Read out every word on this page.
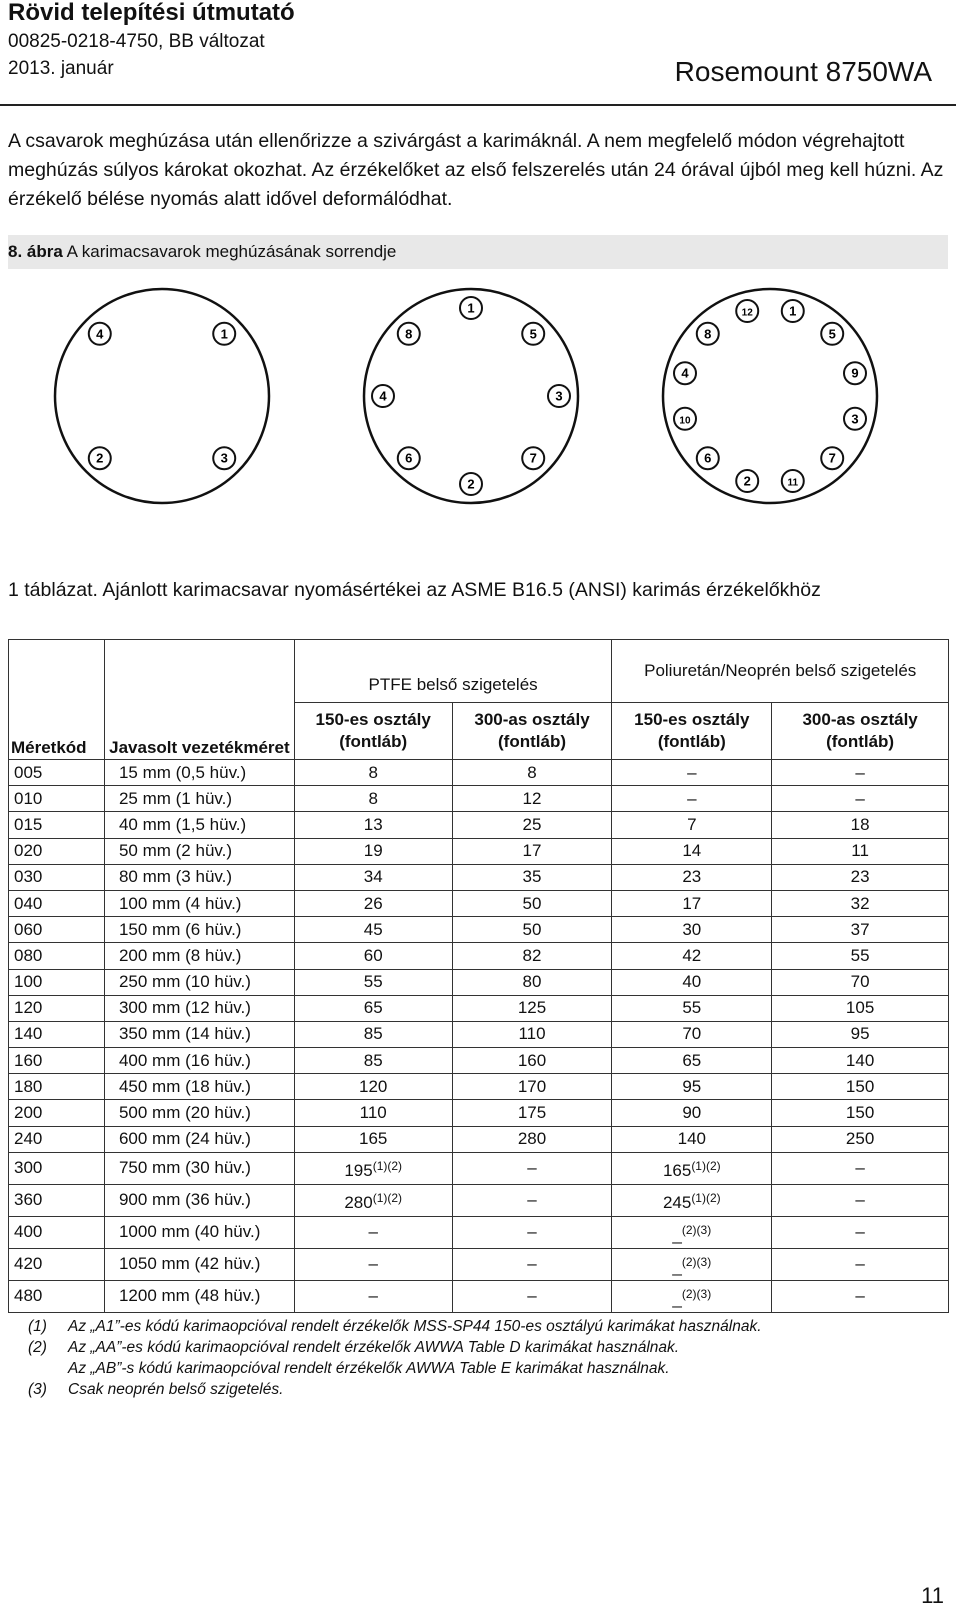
Rövid telepítési útmutató
00825-0218-4750, BB változat
2013. január	Rosemount 8750WA
A csavarok meghúzása után ellenőrizze a szivárgást a karimáknál. A nem megfelelő módon végrehajtott meghúzás súlyos károkat okozhat. Az érzékelőket az első felszerelés után 24 órával újból meg kell húzni. Az érzékelő bélése nyomás alatt idővel deformálódhat.
8. ábra A karimacsavarok meghúzásának sorrendje
1
3
2
4
1
5
3
7
2
6
4
8
1
5
9
3
7
11
2
6
10
4
8
12
1 táblázat. Ajánlott karimacsavar nyomásértékei az ASME B16.5 (ANSI) karimás érzékelőkhöz
Méretkód	Javasolt vezetékméret	PTFE belső szigetelés		Poliuretán/Neoprén belső szigetelés	
		150-es osztály (fontláb)	300-as osztály (fontláb)	150-es osztály (fontláb)	300-as osztály (fontláb)
005	15 mm (0,5 hüv.)	8	8	–	–
010	25 mm (1 hüv.)	8	12	–	–
015	40 mm (1,5 hüv.)	13	25	7	18
020	50 mm (2 hüv.)	19	17	14	11
030	80 mm (3 hüv.)	34	35	23	23
040	100 mm (4 hüv.)	26	50	17	32
060	150 mm (6 hüv.)	45	50	30	37
080	200 mm (8 hüv.)	60	82	42	55
100	250 mm (10 hüv.)	55	80	40	70
120	300 mm (12 hüv.)	65	125	55	105
140	350 mm (14 hüv.)	85	110	70	95
160	400 mm (16 hüv.)	85	160	65	140
180	450 mm (18 hüv.)	120	170	95	150
200	500 mm (20 hüv.)	110	175	90	150
240	600 mm (24 hüv.)	165	280	140	250
300	750 mm (30 hüv.)	$195^{(1)(2)}$	–	$165^{(1)(2)}$	–
360	900 mm (36 hüv.)	$280^{(1)(2)}$	–	$245^{(1)(2)}$	–
400	1000 mm (40 hüv.)	–	–	_$^{(2)(3)}$	–
420	1050 mm (42 hüv.)	–	–	_$^{(2)(3)}$	–
480	1200 mm (48 hüv.)	–	–	_$^{(2)(3)}$	–
(1)	Az „A1”-es kódú karimaopcióval rendelt érzékelők MSS-SP44 150-es osztályú karimákat használnak.
(2)	Az „AA”-es kódú karimaopcióval rendelt érzékelők AWWA Table D karimákat használnak.
Az „AB”-s kódú karimaopcióval rendelt érzékelők AWWA Table E karimákat használnak.
(3)	Csak neoprén belső szigetelés.
11
